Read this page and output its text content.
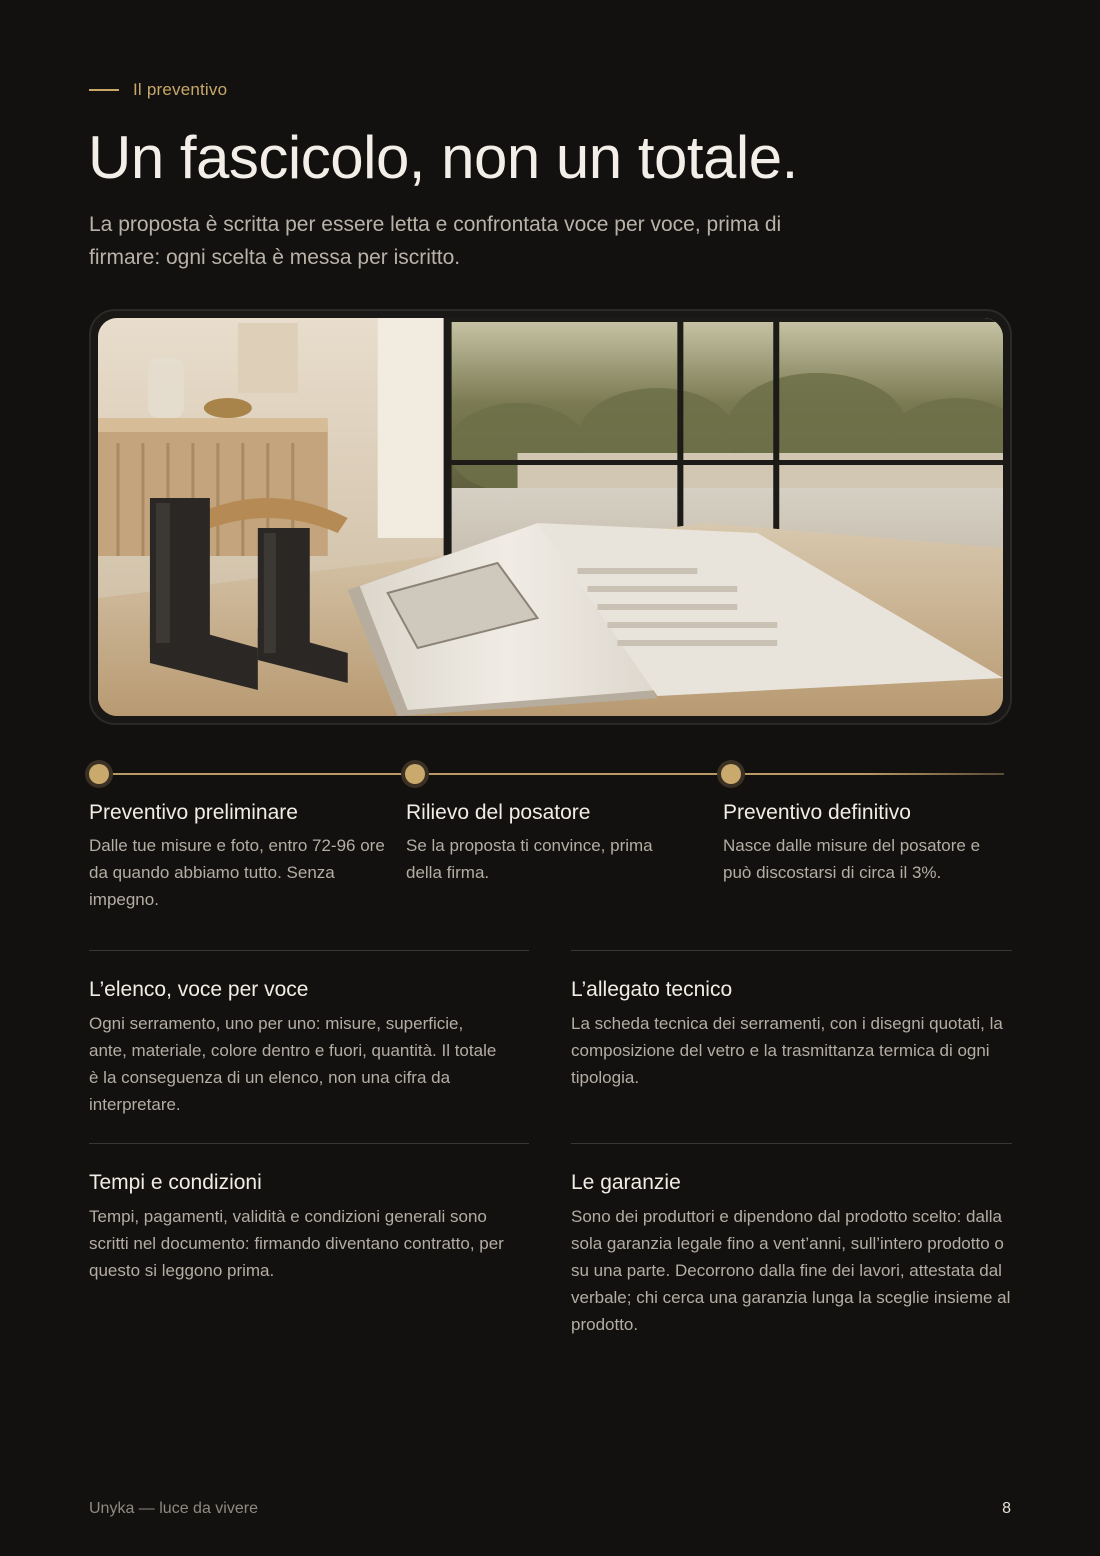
Il preventivo
Un fascicolo, non un totale.

La proposta è scritta per essere letta e confrontata voce per voce, prima di firmare: ogni scelta è messa per iscritto.

Preventivo preliminare
Dalle tue misure e foto, entro 72-96 ore da quando abbiamo tutto. Senza impegno.
Rilievo del posatore
Se la proposta ti convince, prima della firma.
Preventivo definitivo
Nasce dalle misure del posatore e può discostarsi di circa il 3%.
L’elenco, voce per voce
Ogni serramento, uno per uno: misure, superficie, ante, materiale, colore dentro e fuori, quantità. Il totale è la conseguenza di un elenco, non una cifra da interpretare.
L’allegato tecnico
La scheda tecnica dei serramenti, con i disegni quotati, la composizione del vetro e la trasmittanza termica di ogni tipologia.
Tempi e condizioni
Tempi, pagamenti, validità e condizioni generali sono scritti nel documento: firmando diventano contratto, per questo si leggono prima.
Le garanzie
Sono dei produttori e dipendono dal prodotto scelto: dalla sola garanzia legale fino a vent’anni, sull’intero prodotto o su una parte. Decorrono dalla fine dei lavori, attestata dal verbale; chi cerca una garanzia lunga la sceglie insieme al prodotto.
Unyka — luce da vivere	8
